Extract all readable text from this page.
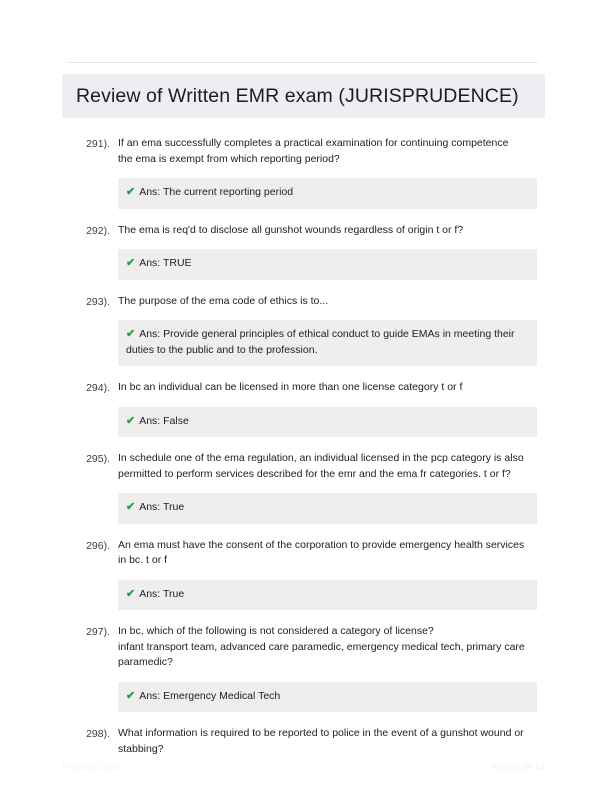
Review of Written EMR exam (JURISPRUDENCE)
291). If an ema successfully completes a practical examination for continuing competence
the ema is exempt from which reporting period?

✔ Ans: The current reporting period

292). The ema is req'd to disclose all gunshot wounds regardless of origin t or f?

✔ Ans: TRUE

293). The purpose of the ema code of ethics is to...

✔ Ans: Provide general principles of ethical conduct to guide EMAs in meeting their duties to the public and to the profession.

294). In bc an individual can be licensed in more than one license category t or f

✔ Ans: False

295). In schedule one of the ema regulation, an individual licensed in the pcp category is also
permitted to perform services described for the emr and the ema fr categories. t or f?

✔ Ans: True

296). An ema must have the consent of the corporation to provide emergency health services
in bc. t or f

✔ Ans: True

297). In bc, which of the following is not considered a category of license?
infant transport team, advanced care paramedic, emergency medical tech, primary care paramedic?

✔ Ans: Emergency Medical Tech

298). What information is required to be reported to police in the event of a gunshot wound or
stabbing?

PaperMic.com	Page 1 of 19
